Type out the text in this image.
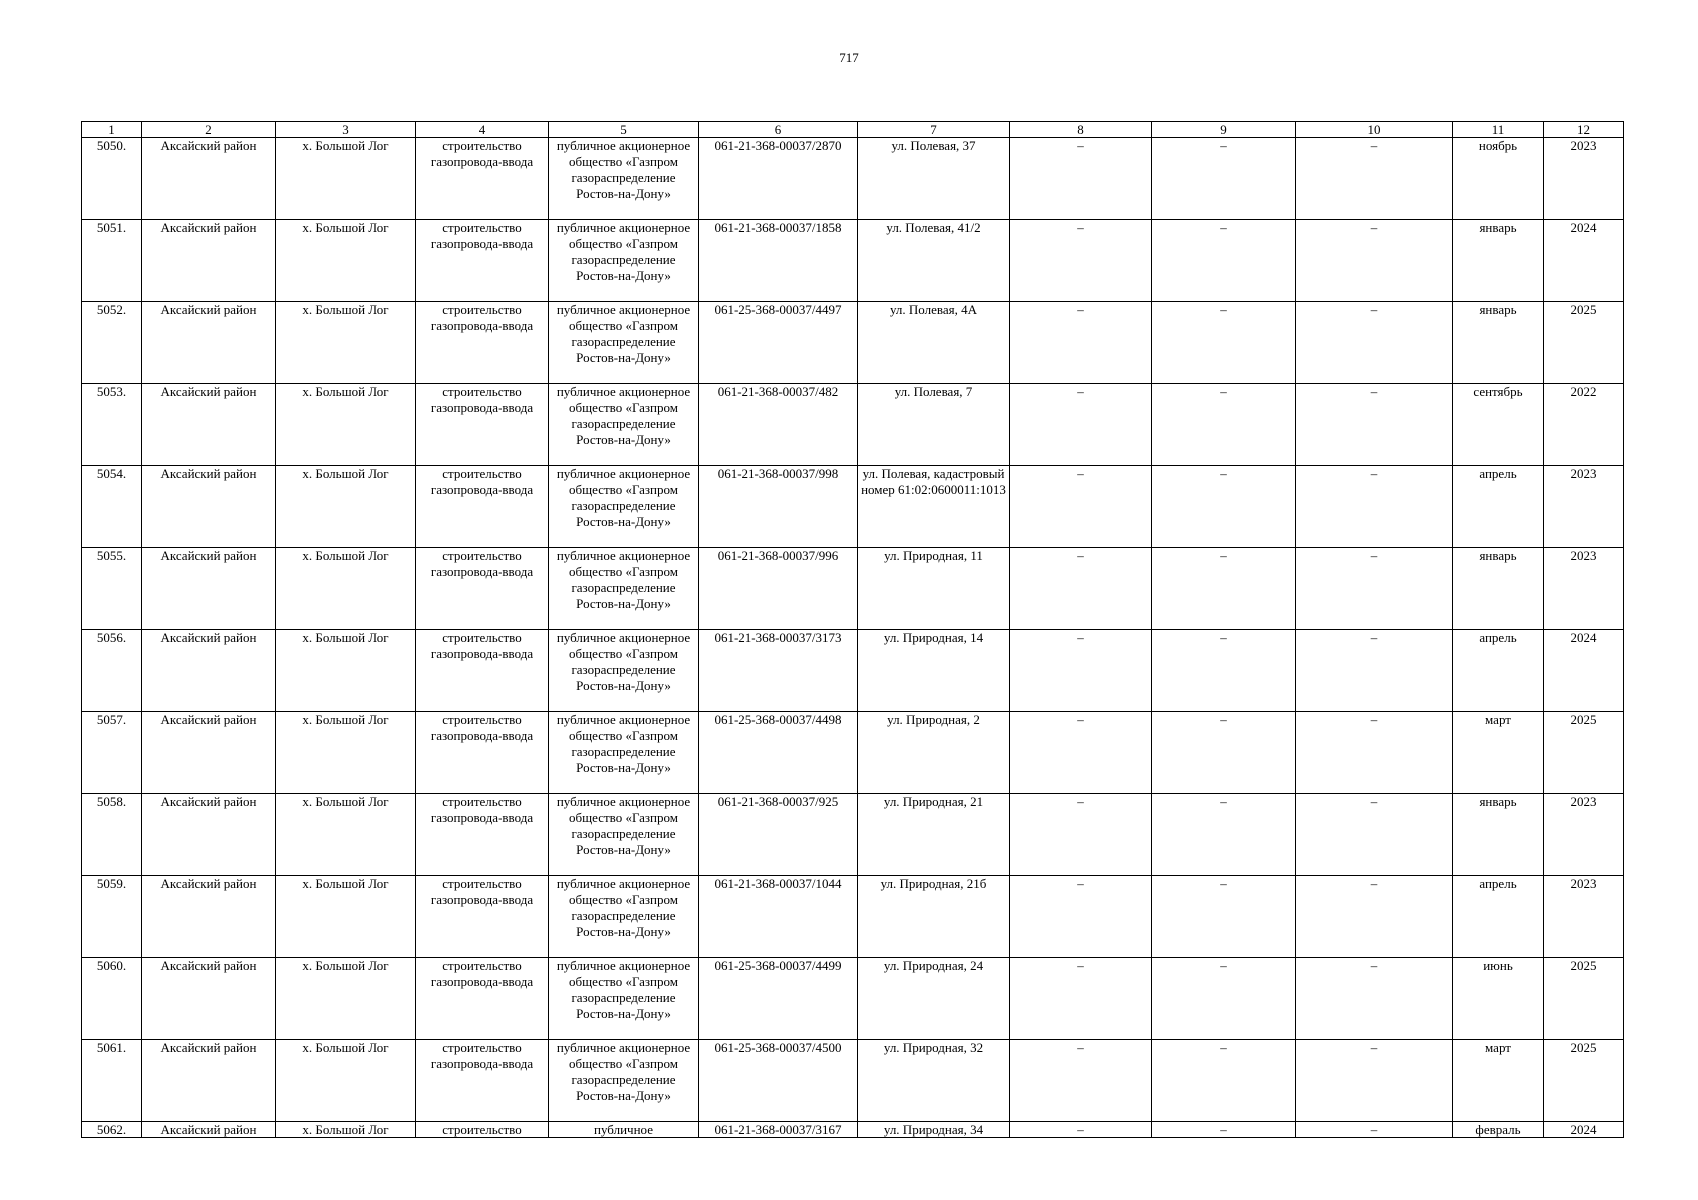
717
1	2	3	4	5	6	7	8	9	10	11	12
5050.	Аксайский район	х. Большой Лог	строительство газопровода-ввода	публичное акционерное общество «Газпром газораспределение Ростов-на-Дону»	061-21-368-00037/2870	ул. Полевая, 37	–	–	–	ноябрь	2023
5051.	Аксайский район	х. Большой Лог	строительство газопровода-ввода	публичное акционерное общество «Газпром газораспределение Ростов-на-Дону»	061-21-368-00037/1858	ул. Полевая, 41/2	–	–	–	январь	2024
5052.	Аксайский район	х. Большой Лог	строительство газопровода-ввода	публичное акционерное общество «Газпром газораспределение Ростов-на-Дону»	061-25-368-00037/4497	ул. Полевая, 4А	–	–	–	январь	2025
5053.	Аксайский район	х. Большой Лог	строительство газопровода-ввода	публичное акционерное общество «Газпром газораспределение Ростов-на-Дону»	061-21-368-00037/482	ул. Полевая, 7	–	–	–	сентябрь	2022
5054.	Аксайский район	х. Большой Лог	строительство газопровода-ввода	публичное акционерное общество «Газпром газораспределение Ростов-на-Дону»	061-21-368-00037/998	ул. Полевая, кадастровый номер 61:02:0600011:1013	–	–	–	апрель	2023
5055.	Аксайский район	х. Большой Лог	строительство газопровода-ввода	публичное акционерное общество «Газпром газораспределение Ростов-на-Дону»	061-21-368-00037/996	ул. Природная, 11	–	–	–	январь	2023
5056.	Аксайский район	х. Большой Лог	строительство газопровода-ввода	публичное акционерное общество «Газпром газораспределение Ростов-на-Дону»	061-21-368-00037/3173	ул. Природная, 14	–	–	–	апрель	2024
5057.	Аксайский район	х. Большой Лог	строительство газопровода-ввода	публичное акционерное общество «Газпром газораспределение Ростов-на-Дону»	061-25-368-00037/4498	ул. Природная, 2	–	–	–	март	2025
5058.	Аксайский район	х. Большой Лог	строительство газопровода-ввода	публичное акционерное общество «Газпром газораспределение Ростов-на-Дону»	061-21-368-00037/925	ул. Природная, 21	–	–	–	январь	2023
5059.	Аксайский район	х. Большой Лог	строительство газопровода-ввода	публичное акционерное общество «Газпром газораспределение Ростов-на-Дону»	061-21-368-00037/1044	ул. Природная, 21б	–	–	–	апрель	2023
5060.	Аксайский район	х. Большой Лог	строительство газопровода-ввода	публичное акционерное общество «Газпром газораспределение Ростов-на-Дону»	061-25-368-00037/4499	ул. Природная, 24	–	–	–	июнь	2025
5061.	Аксайский район	х. Большой Лог	строительство газопровода-ввода	публичное акционерное общество «Газпром газораспределение Ростов-на-Дону»	061-25-368-00037/4500	ул. Природная, 32	–	–	–	март	2025

5062.	Аксайский район	х. Большой Лог	строительство	публичное	061-21-368-00037/3167	ул. Природная, 34	–	–	–	февраль	2024
